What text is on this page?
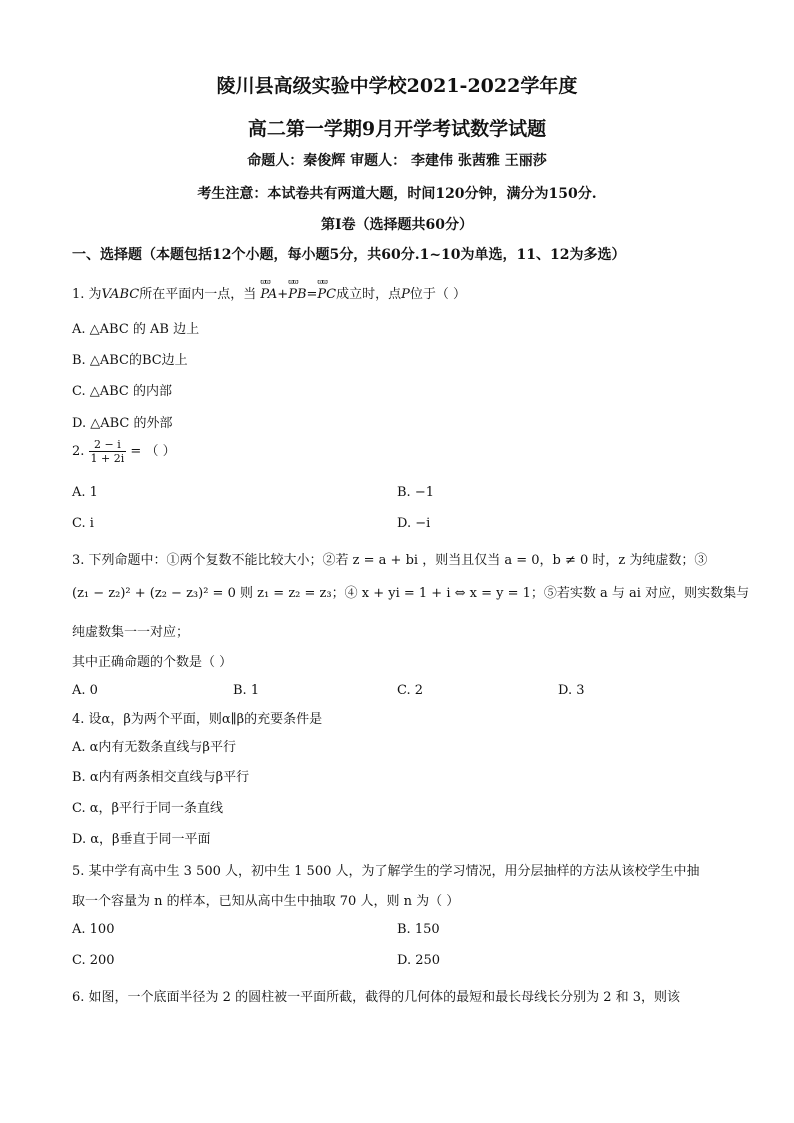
陵川县高级实验中学校2021-2022学年度
高二第一学期9月开学考试数学试题
命题人：秦俊辉 审题人： 李建伟 张茜雅 王丽莎
考生注意：本试卷共有两道大题，时间120分钟，满分为150分.
第I卷（选择题共60分）
一、选择题（本题包括12个小题，每小题5分，共60分.1~10为单选，11、12为多选）
1. 为VABC所在平面内一点，当 ϖϖ PA+ϖϖ PB=ϖϖ PC成立时，点P位于（ ）
A. △ABC 的 AB 边上
B. △ABC的BC边上
C. △ABC 的内部
D. △ABC 的外部
2. $\frac{2 - i}{1 + 2i}$ = （ ）
A. 1	B. −1
C. i	D. −i
3. 下列命题中：①两个复数不能比较大小；②若 z = a + bi ，则当且仅当 a = 0，b ≠ 0 时，z 为纯虚数；③
(z₁ − z₂)² + (z₂ − z₃)² = 0 则 z₁ = z₂ = z₃；④ x + yi = 1 + i ⇔ x = y = 1；⑤若实数 a 与 ai 对应，则实数集与
纯虚数集一一对应；
其中正确命题的个数是（ ）
A. 0	B. 1	C. 2	D. 3
4. 设α，β为两个平面，则α∥β的充要条件是
A. α内有无数条直线与β平行
B. α内有两条相交直线与β平行
C. α，β平行于同一条直线
D. α，β垂直于同一平面
5. 某中学有高中生 3 500 人，初中生 1 500 人，为了解学生的学习情况，用分层抽样的方法从该校学生中抽
取一个容量为 n 的样本，已知从高中生中抽取 70 人，则 n 为（ ）
A. 100	B. 150
C. 200	D. 250
6. 如图，一个底面半径为 2 的圆柱被一平面所截，截得的几何体的最短和最长母线长分别为 2 和 3，则该
